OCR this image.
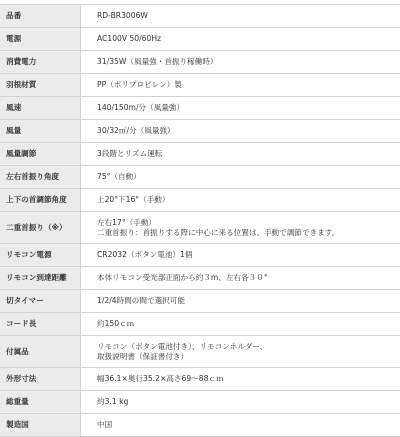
品番	RD-BR3006W

電源	AC100V 50/60Hz

消費電力	31/35W（風量強・首振り稼働時）

羽根材質	PP（ポリプロピレン）製

風速	140/150m/分（風量強）

風量	30/32㎥/分（風量強）

風量調節	3段階とリズム運転

左右首振り角度	75°（自動）

上下の首調節角度	上20°下16°（手動）

二重首振り（※）	左右17°（手動）
二重首振り：首振りする際に中心に来る位置は、手動で調節できます。

リモコン電源	CR2032（ボタン電池）1個

リモコン到達距離	本体リモコン受光部正面から約３m、左右各３０°

切タイマー	1/2/4時間の間で選択可能

コード長	約150ｃｍ

付属品	リモコン（ボタン電池付き）、リモコンホルダー、
取扱説明書（保証書付き）

外形寸法	幅36.1×奥行35.2×高さ69～88ｃｍ

総重量	約3.1 kg

製造国	中国
